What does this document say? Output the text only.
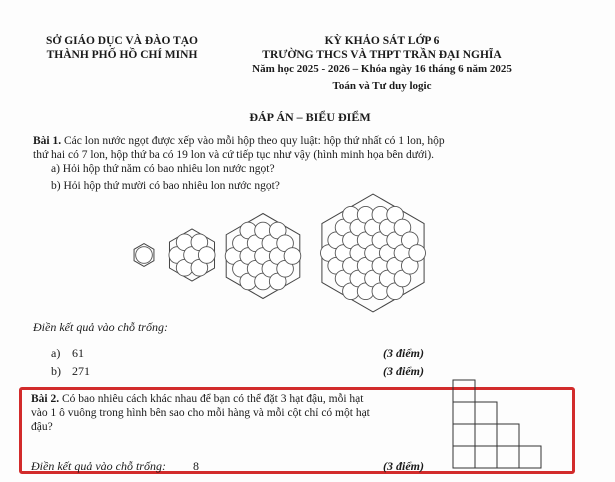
SỞ GIÁO DỤC VÀ ĐÀO TẠO
THÀNH PHỐ HỒ CHÍ MINH
KỲ KHẢO SÁT LỚP 6
TRƯỜNG THCS VÀ THPT TRẦN ĐẠI NGHĨA
Năm học 2025 - 2026 – Khóa ngày 16 tháng 6 năm 2025
Toán và Tư duy logic
ĐÁP ÁN – BIỂU ĐIỂM
Bài 1. Các lon nước ngọt được xếp vào mỗi hộp theo quy luật: hộp thứ nhất có 1 lon, hộp
thứ hai có 7 lon, hộp thứ ba có 19 lon và cứ tiếp tục như vậy (hình minh họa bên dưới).
a) Hỏi hộp thứ năm có bao nhiêu lon nước ngọt?
b) Hỏi hộp thứ mười có bao nhiêu lon nước ngọt?
Điền kết quả vào chỗ trống:
a) 61	(3 điểm)
b) 271	(3 điểm)
Bài 2. Có bao nhiêu cách khác nhau để bạn có thể đặt 3 hạt đậu, mỗi hạt
vào 1 ô vuông trong hình bên sao cho mỗi hàng và mỗi cột chỉ có một hạt
đậu?
Điền kết quả vào chỗ trống: 8	(3 điểm)
